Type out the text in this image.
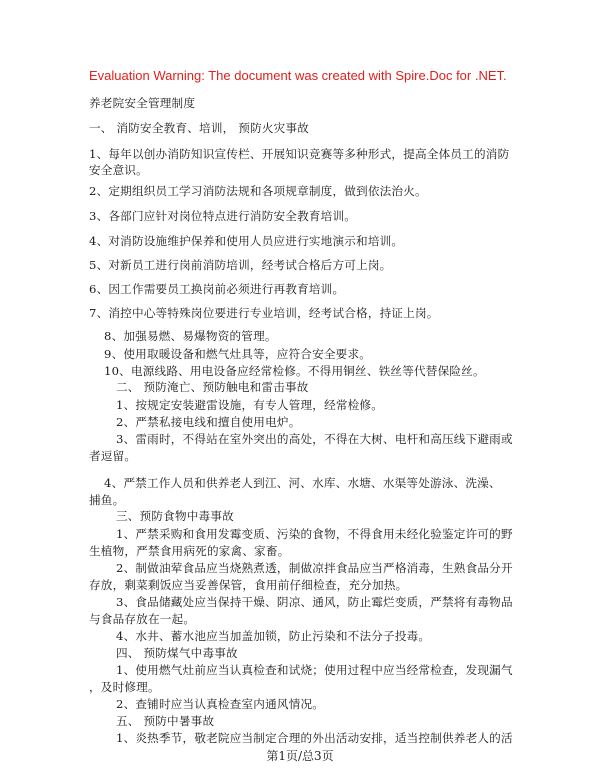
Evaluation Warning: The document was created with Spire.Doc for .NET.
养老院安全管理制度
一、 消防安全教育、培训， 预防火灾事故
1、每年以创办消防知识宣传栏、开展知识竞赛等多种形式，提高全体员工的消防
安全意识。
2、定期组织员工学习消防法规和各项规章制度，做到依法治火。
3、各部门应针对岗位特点进行消防安全教育培训。
4、对消防设施维护保养和使用人员应进行实地演示和培训。
5、对新员工进行岗前消防培训，经考试合格后方可上岗。
6、因工作需要员工换岗前必须进行再教育培训。
7、消控中心等特殊岗位要进行专业培训，经考试合格，持证上岗。
8、加强易燃、易爆物资的管理。
9、使用取暖设备和燃气灶具等，应符合安全要求。
10、电源线路、用电设备应经常检修。不得用铜丝、铁丝等代替保险丝。
二、 预防淹亡、预防触电和雷击事故
1、按规定安装避雷设施，有专人管理，经常检修。
2、严禁私接电线和擅自使用电炉。
3、雷雨时，不得站在室外突出的高处，不得在大树、电杆和高压线下避雨或
者逗留。
4、严禁工作人员和供养老人到江、河、水库、水塘、水渠等处游泳、洗澡、
捕鱼。
三、预防食物中毒事故
1、严禁采购和食用发霉变质、污染的食物，不得食用未经化验鉴定许可的野
生植物，严禁食用病死的家禽、家畜。
2、制做油荤食品应当烧熟煮透，制做凉拌食品应当严格消毒，生熟食品分开
存放，剩菜剩饭应当妥善保管，食用前仔细检查，充分加热。
3、食品储藏处应当保持干燥、阴凉、通风，防止霉烂变质，严禁将有毒物品
与食品存放在一起。
4、水井、蓄水池应当加盖加锁，防止污染和不法分子投毒。
四、 预防煤气中毒事故
1、使用燃气灶前应当认真检查和试烧；使用过程中应当经常检查，发现漏气
，及时修理。
2、查铺时应当认真检查室内通风情况。
五、 预防中暑事故
1、炎热季节，敬老院应当制定合理的外出活动安排，适当控制供养老人的活
第1页/总3页
